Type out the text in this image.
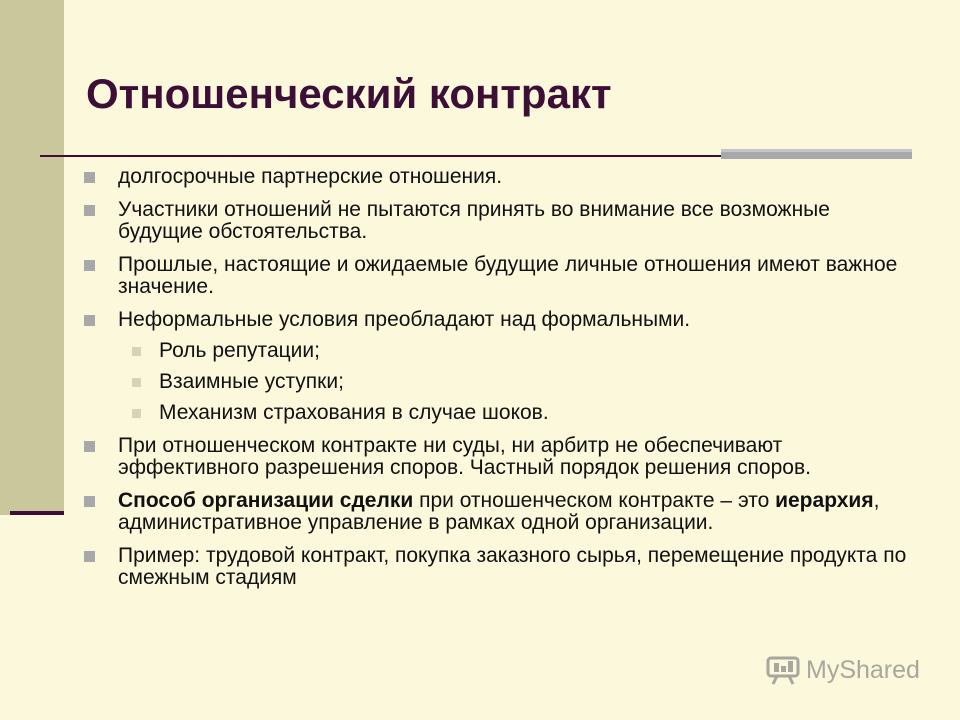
Отношенческий контракт
долгосрочные партнерские отношения.
Участники отношений не пытаются принять во внимание все возможные будущие обстоятельства.
Прошлые, настоящие и ожидаемые будущие личные отношения имеют важное значение.
Неформальные условия преобладают над формальными.
Роль репутации;
Взаимные уступки;
Механизм страхования в случае шоков.
При отношенческом контракте ни суды, ни арбитр не обеспечивают эффективного разрешения споров. Частный порядок решения споров.
Способ организации сделки при отношенческом контракте – это иерархия, административное управление в рамках одной организации.
Пример: трудовой контракт, покупка заказного сырья, перемещение продукта по смежным стадиям
MyShared
